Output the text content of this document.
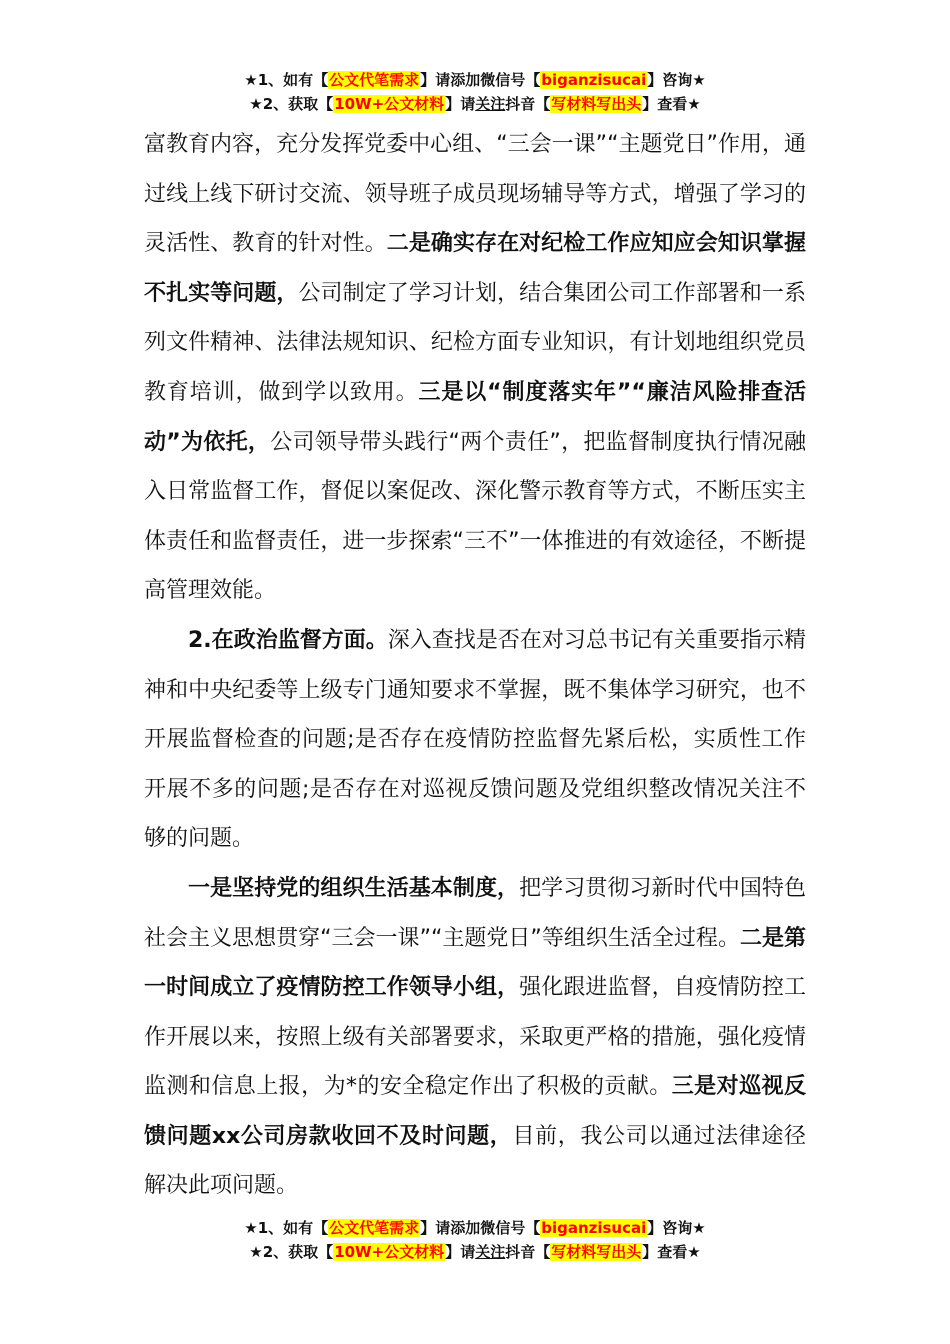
★1、如有【公文代笔需求】请添加微信号【biganzisucai】咨询★
★2、获取【10W+公文材料】请关注抖音【写材料写出头】查看★

富教育内容，充分发挥党委中心组、“三会一课”“主题党日”作用，通过线上线下研讨交流、领导班子成员现场辅导等方式，增强了学习的灵活性、教育的针对性。二是确实存在对纪检工作应知应会知识掌握不扎实等问题，公司制定了学习计划，结合集团公司工作部署和一系列文件精神、法律法规知识、纪检方面专业知识，有计划地组织党员教育培训，做到学以致用。三是以“制度落实年”“廉洁风险排查活动”为依托，公司领导带头践行“两个责任”，把监督制度执行情况融入日常监督工作，督促以案促改、深化警示教育等方式，不断压实主体责任和监督责任，进一步探索“三不”一体推进的有效途径，不断提高管理效能。

2.在政治监督方面。深入查找是否在对习总书记有关重要指示精神和中央纪委等上级专门通知要求不掌握，既不集体学习研究，也不开展监督检查的问题;是否存在疫情防控监督先紧后松，实质性工作开展不多的问题;是否存在对巡视反馈问题及党组织整改情况关注不够的问题。

一是坚持党的组织生活基本制度，把学习贯彻习新时代中国特色社会主义思想贯穿“三会一课”“主题党日”等组织生活全过程。二是第一时间成立了疫情防控工作领导小组，强化跟进监督，自疫情防控工作开展以来，按照上级有关部署要求，采取更严格的措施，强化疫情监测和信息上报，为*的安全稳定作出了积极的贡献。三是对巡视反馈问题xx公司房款收回不及时问题，目前，我公司以通过法律途径解决此项问题。

★1、如有【公文代笔需求】请添加微信号【biganzisucai】咨询★
★2、获取【10W+公文材料】请关注抖音【写材料写出头】查看★
